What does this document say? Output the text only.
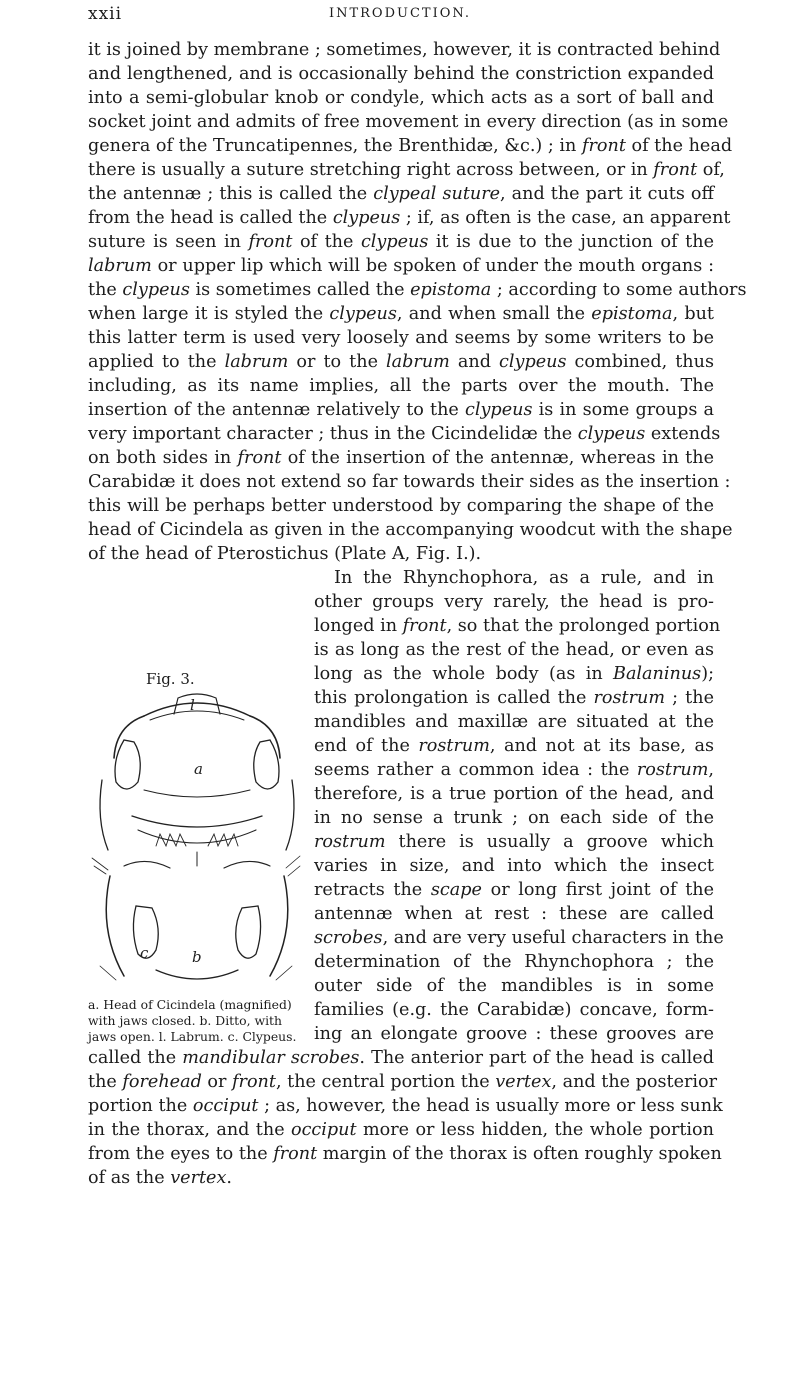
xxii	INTRODUCTION.
it is joined by membrane ; sometimes, however, it is contracted behind
and lengthened, and is occasionally behind the constriction expanded
into a semi-globular knob or condyle, which acts as a sort of ball and
socket joint and admits of free movement in every direction (as in some
genera of the Truncatipennes, the Brenthidæ, &c.) ; in front of the head
there is usually a suture stretching right across between, or in front of,
the antennæ ; this is called the clypeal suture, and the part it cuts off
from the head is called the clypeus ; if, as often is the case, an apparent
suture is seen in front of the clypeus it is due to the junction of the
labrum or upper lip which will be spoken of under the mouth organs :
the clypeus is sometimes called the epistoma ; according to some authors
when large it is styled the clypeus, and when small the epistoma, but
this latter term is used very loosely and seems by some writers to be
applied to the labrum or to the labrum and clypeus combined, thus
including, as its name implies, all the parts over the mouth. The
insertion of the antennæ relatively to the clypeus is in some groups a
very important character ; thus in the Cicindelidæ the clypeus extends
on both sides in front of the insertion of the antennæ, whereas in the
Carabidæ it does not extend so far towards their sides as the insertion :
this will be perhaps better understood by comparing the shape of the
head of Cicindela as given in the accompanying woodcut with the shape
of the head of Pterostichus (Plate A, Fig. I.).
In the Rhynchophora, as a rule, and in
other groups very rarely, the head is pro-
longed in front, so that the prolonged portion
is as long as the rest of the head, or even as
long as the whole body (as in Balaninus);
this prolongation is called the rostrum ; the
mandibles and maxillæ are situated at the
end of the rostrum, and not at its base, as
seems rather a common idea : the rostrum,
therefore, is a true portion of the head, and
in no sense a trunk ; on each side of the
rostrum there is usually a groove which
varies in size, and into which the insect
retracts the scape or long first joint of the
antennæ when at rest : these are called
scrobes, and are very useful characters in the
determination of the Rhynchophora ; the
outer side of the mandibles is in some
families (e.g. the Carabidæ) concave, form-
ing an elongate groove : these grooves are
called the mandibular scrobes. The anterior part of the head is called
the forehead or front, the central portion the vertex, and the posterior
portion the occiput ; as, however, the head is usually more or less sunk
in the thorax, and the occiput more or less hidden, the whole portion
from the eyes to the front margin of the thorax is often roughly spoken
of as the vertex.
Fig. 3.
l
a
c	b
a. Head of Cicindela (magnified)
with jaws closed. b. Ditto, with
jaws open. l. Labrum. c. Clypeus.
